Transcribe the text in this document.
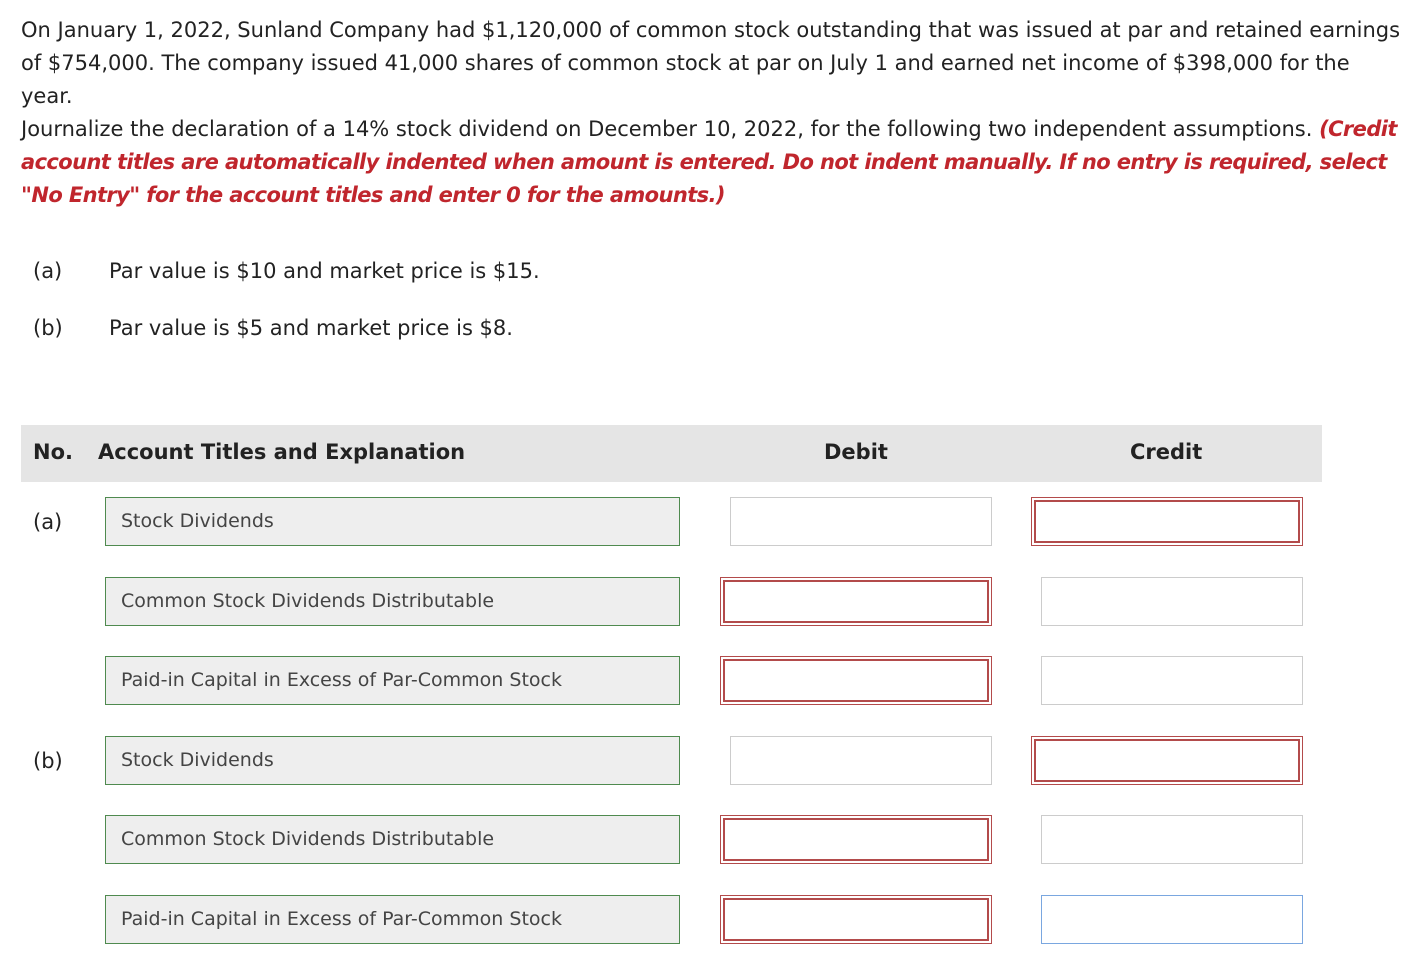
On January 1, 2022, Sunland Company had $1,120,000 of common stock outstanding that was issued at par and retained earnings of $754,000. The company issued 41,000 shares of common stock at par on July 1 and earned net income of $398,000 for the year.

Journalize the declaration of a 14% stock dividend on December 10, 2022, for the following two independent assumptions. (Credit account titles are automatically indented when amount is entered. Do not indent manually. If no entry is required, select "No Entry" for the account titles and enter 0 for the amounts.)
(a) Par value is $10 and market price is $15.
(b) Par value is $5 and market price is $8.
No. Account Titles and Explanation	Debit	Credit
(a)	Stock Dividends
Common Stock Dividends Distributable
Paid-in Capital in Excess of Par-Common Stock
(b)	Stock Dividends
Common Stock Dividends Distributable
Paid-in Capital in Excess of Par-Common Stock
